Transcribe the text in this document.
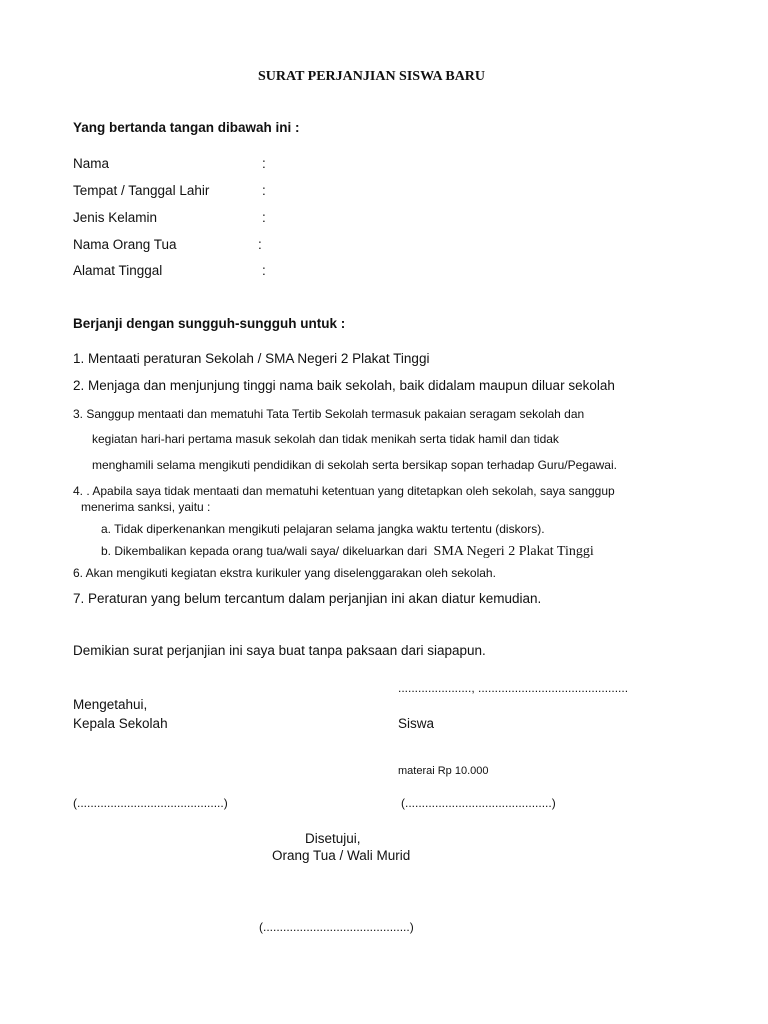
SURAT PERJANJIAN SISWA BARU
Yang bertanda tangan dibawah ini :
Nama	:
Tempat / Tanggal Lahir	:
Jenis Kelamin	:
Nama Orang Tua	:
Alamat Tinggal	:
Berjanji dengan sungguh-sungguh untuk :
1. Mentaati peraturan Sekolah / SMA Negeri 2 Plakat Tinggi
2. Menjaga dan menjunjung tinggi nama baik sekolah, baik didalam maupun diluar sekolah
3. Sanggup mentaati dan mematuhi Tata Tertib Sekolah termasuk pakaian seragam sekolah dan
kegiatan hari-hari pertama masuk sekolah dan tidak menikah serta tidak hamil dan tidak
menghamili selama mengikuti pendidikan di sekolah serta bersikap sopan terhadap Guru/Pegawai.
4. . Apabila saya tidak mentaati dan mematuhi ketentuan yang ditetapkan oleh sekolah, saya sanggup
menerima sanksi, yaitu :
a. Tidak diperkenankan mengikuti pelajaran selama jangka waktu tertentu (diskors).
b. Dikembalikan kepada orang tua/wali saya/ dikeluarkan dari SMA Negeri 2 Plakat Tinggi
6. Akan mengikuti kegiatan ekstra kurikuler yang diselenggarakan oleh sekolah.
7. Peraturan yang belum tercantum dalam perjanjian ini akan diatur kemudian.
Demikian surat perjanjian ini saya buat tanpa paksaan dari siapapun.
......................, .............................................
Mengetahui,
Kepala Sekolah	Siswa
materai Rp 10.000
(............................................)	(............................................)
Disetujui,
Orang Tua / Wali Murid
(............................................)
